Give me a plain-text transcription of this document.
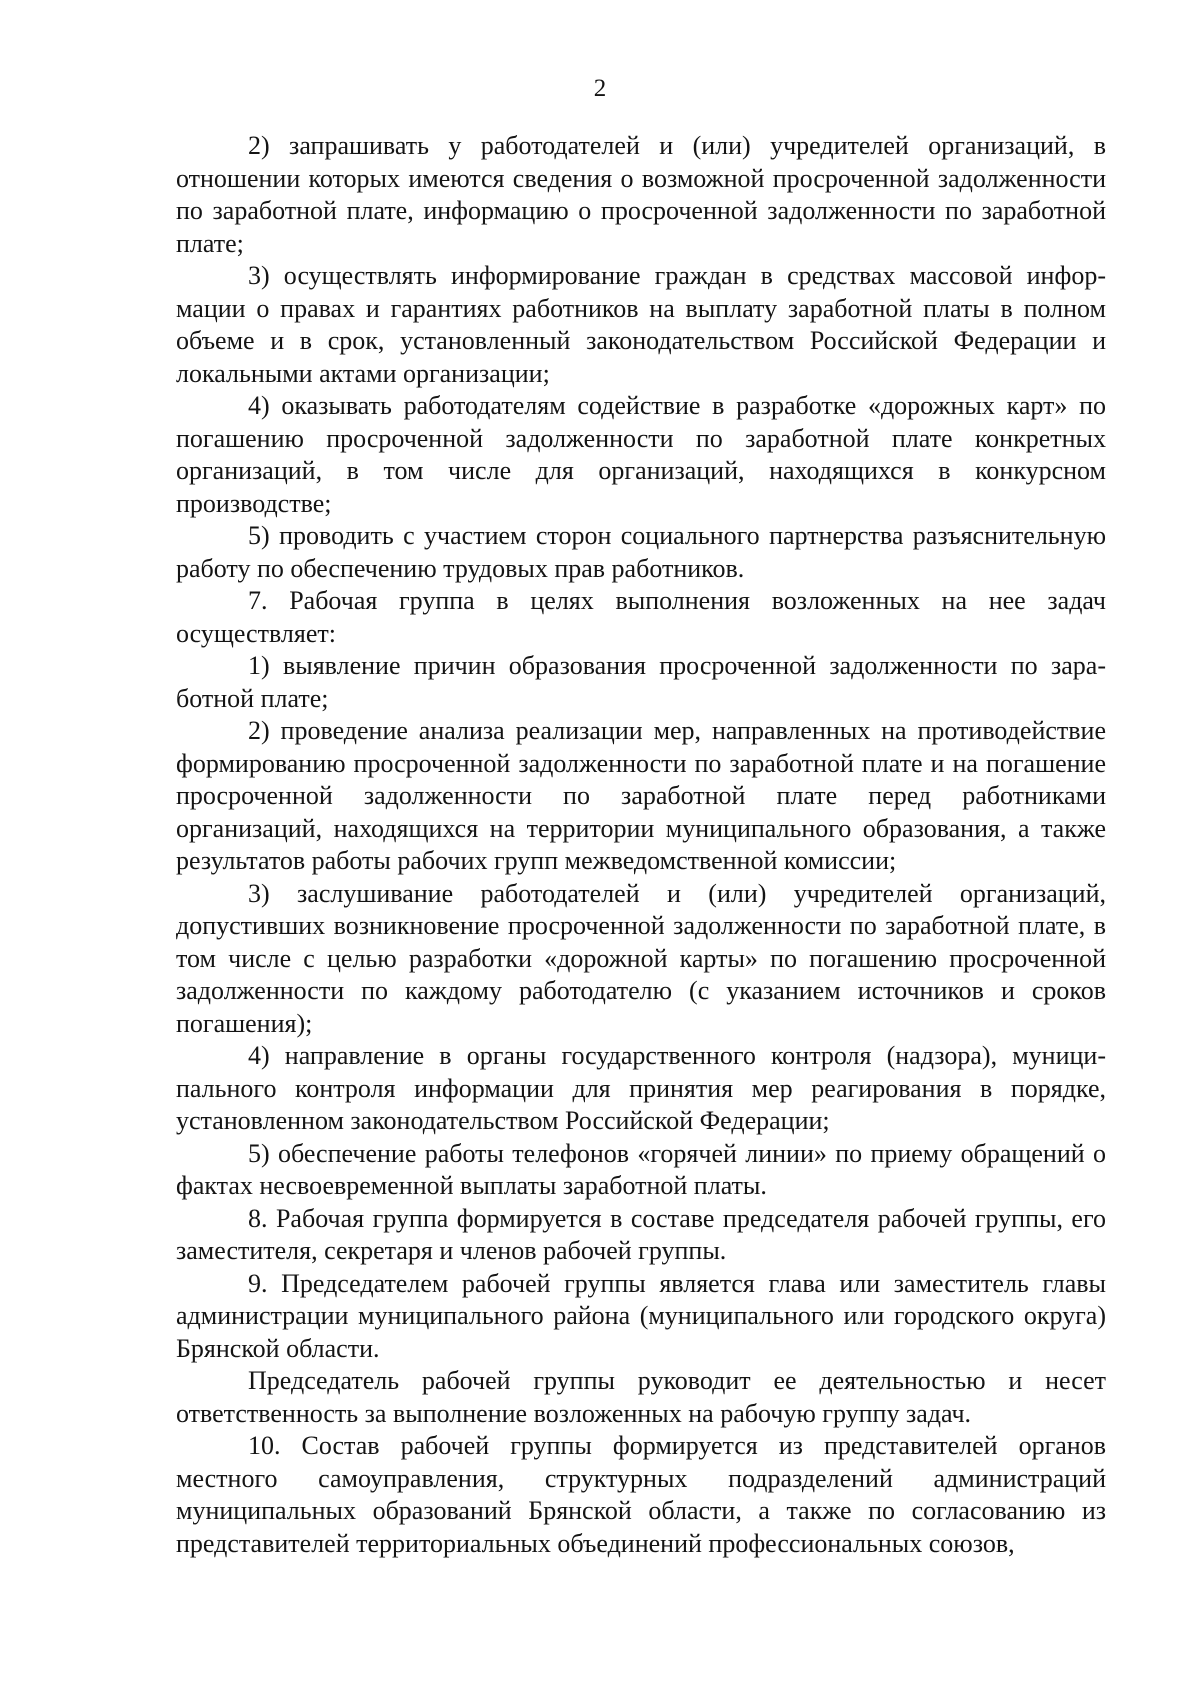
2

2) запрашивать у работодателей и (или) учредителей организаций, в отношении которых имеются сведения о возможной просроченной задолженности по заработной плате, информацию о просроченной задолженности по заработной плате;

3) осуществлять информирование граждан в средствах массовой информации о правах и гарантиях работников на выплату заработной платы в полном объеме и в срок, установленный законодательством Российской Федерации и локальными актами организации;

4) оказывать работодателям содействие в разработке «дорожных карт» по погашению просроченной задолженности по заработной плате конкретных организаций, в том числе для организаций, находящихся в конкурсном производстве;

5) проводить с участием сторон социального партнерства разъяснительную работу по обеспечению трудовых прав работников.

7. Рабочая группа в целях выполнения возложенных на нее задач осуществляет:

1) выявление причин образования просроченной задолженности по заработной плате;

2) проведение анализа реализации мер, направленных на противодействие формированию просроченной задолженности по заработной плате и на погашение просроченной задолженности по заработной плате перед работниками организаций, находящихся на территории муниципального образования, а также результатов работы рабочих групп межведомственной комиссии;

3) заслушивание работодателей и (или) учредителей организаций, допустивших возникновение просроченной задолженности по заработной плате, в том числе с целью разработки «дорожной карты» по погашению просроченной задолженности по каждому работодателю (с указанием источников и сроков погашения);

4) направление в органы государственного контроля (надзора), муниципального контроля информации для принятия мер реагирования в порядке, установленном законодательством Российской Федерации;

5) обеспечение работы телефонов «горячей линии» по приему обращений о фактах несвоевременной выплаты заработной платы.

8. Рабочая группа формируется в составе председателя рабочей группы, его заместителя, секретаря и членов рабочей группы.

9. Председателем рабочей группы является глава или заместитель главы администрации муниципального района (муниципального или городского округа) Брянской области.

Председатель рабочей группы руководит ее деятельностью и несет ответственность за выполнение возложенных на рабочую группу задач.

10. Состав рабочей группы формируется из представителей органов местного самоуправления, структурных подразделений администраций муниципальных образований Брянской области, а также по согласованию из представителей территориальных объединений профессиональных союзов,
